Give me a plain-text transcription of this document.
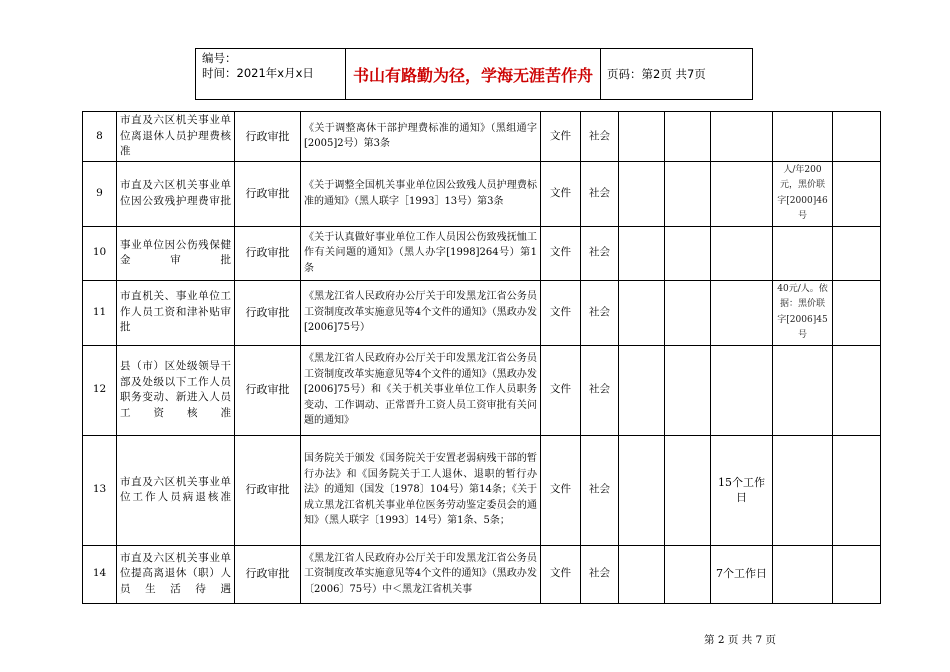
编号：
时间：2021年x月x日	书山有路勤为径，学海无涯苦作舟	页码：第2页 共7页
8	市直及六区机关事业单位离退休人员护理费核准	行政审批	《关于调整离休干部护理费标准的通知》（黑组通字[2005]2号）第3条	文件	社会					
9	市直及六区机关事业单位因公致残护理费审批	行政审批	《关于调整全国机关事业单位因公致残人员护理费标准的通知》（黑人联字［1993］13号）第3条	文件	社会				人/年200元，黑价联字[2000]46号	
10	事业单位因公伤残保健金审批	行政审批	《关于认真做好事业单位工作人员因公伤致残抚恤工作有关问题的通知》（黑人办字[1998]264号）第1条	文件	社会					
11	市直机关、事业单位工作人员工资和津补贴审批	行政审批	《黑龙江省人民政府办公厅关于印发黑龙江省公务员工资制度改革实施意见等4个文件的通知》（黑政办发[2006]75号）	文件	社会				40元/人。依据：黑价联字[2006]45号	
12	县（市）区处级领导干部及处级以下工作人员职务变动、新进入人员工资核准	行政审批	《黑龙江省人民政府办公厅关于印发黑龙江省公务员工资制度改革实施意见等4个文件的通知》（黑政办发[2006]75号）和《关于机关事业单位工作人员职务变动、工作调动、正常晋升工资人员工资审批有关问题的通知》	文件	社会					
13	市直及六区机关事业单位工作人员病退核准	行政审批	国务院关于颁发《国务院关于安置老弱病残干部的暂行办法》和《国务院关于工人退休、退职的暂行办法》的通知（国发〔1978〕104号）第14条；《关于成立黑龙江省机关事业单位医务劳动鉴定委员会的通知》（黑人联字〔1993〕14号）第1条、5条；	文件	社会			15个工作日		
14	市直及六区机关事业单位提高离退休（职）人员生活待遇	行政审批	《黑龙江省人民政府办公厅关于印发黑龙江省公务员工资制度改革实施意见等4个文件的通知》（黑政办发〔2006〕75号）中＜黑龙江省机关事	文件	社会			7个工作日		
第 2 页 共 7 页
